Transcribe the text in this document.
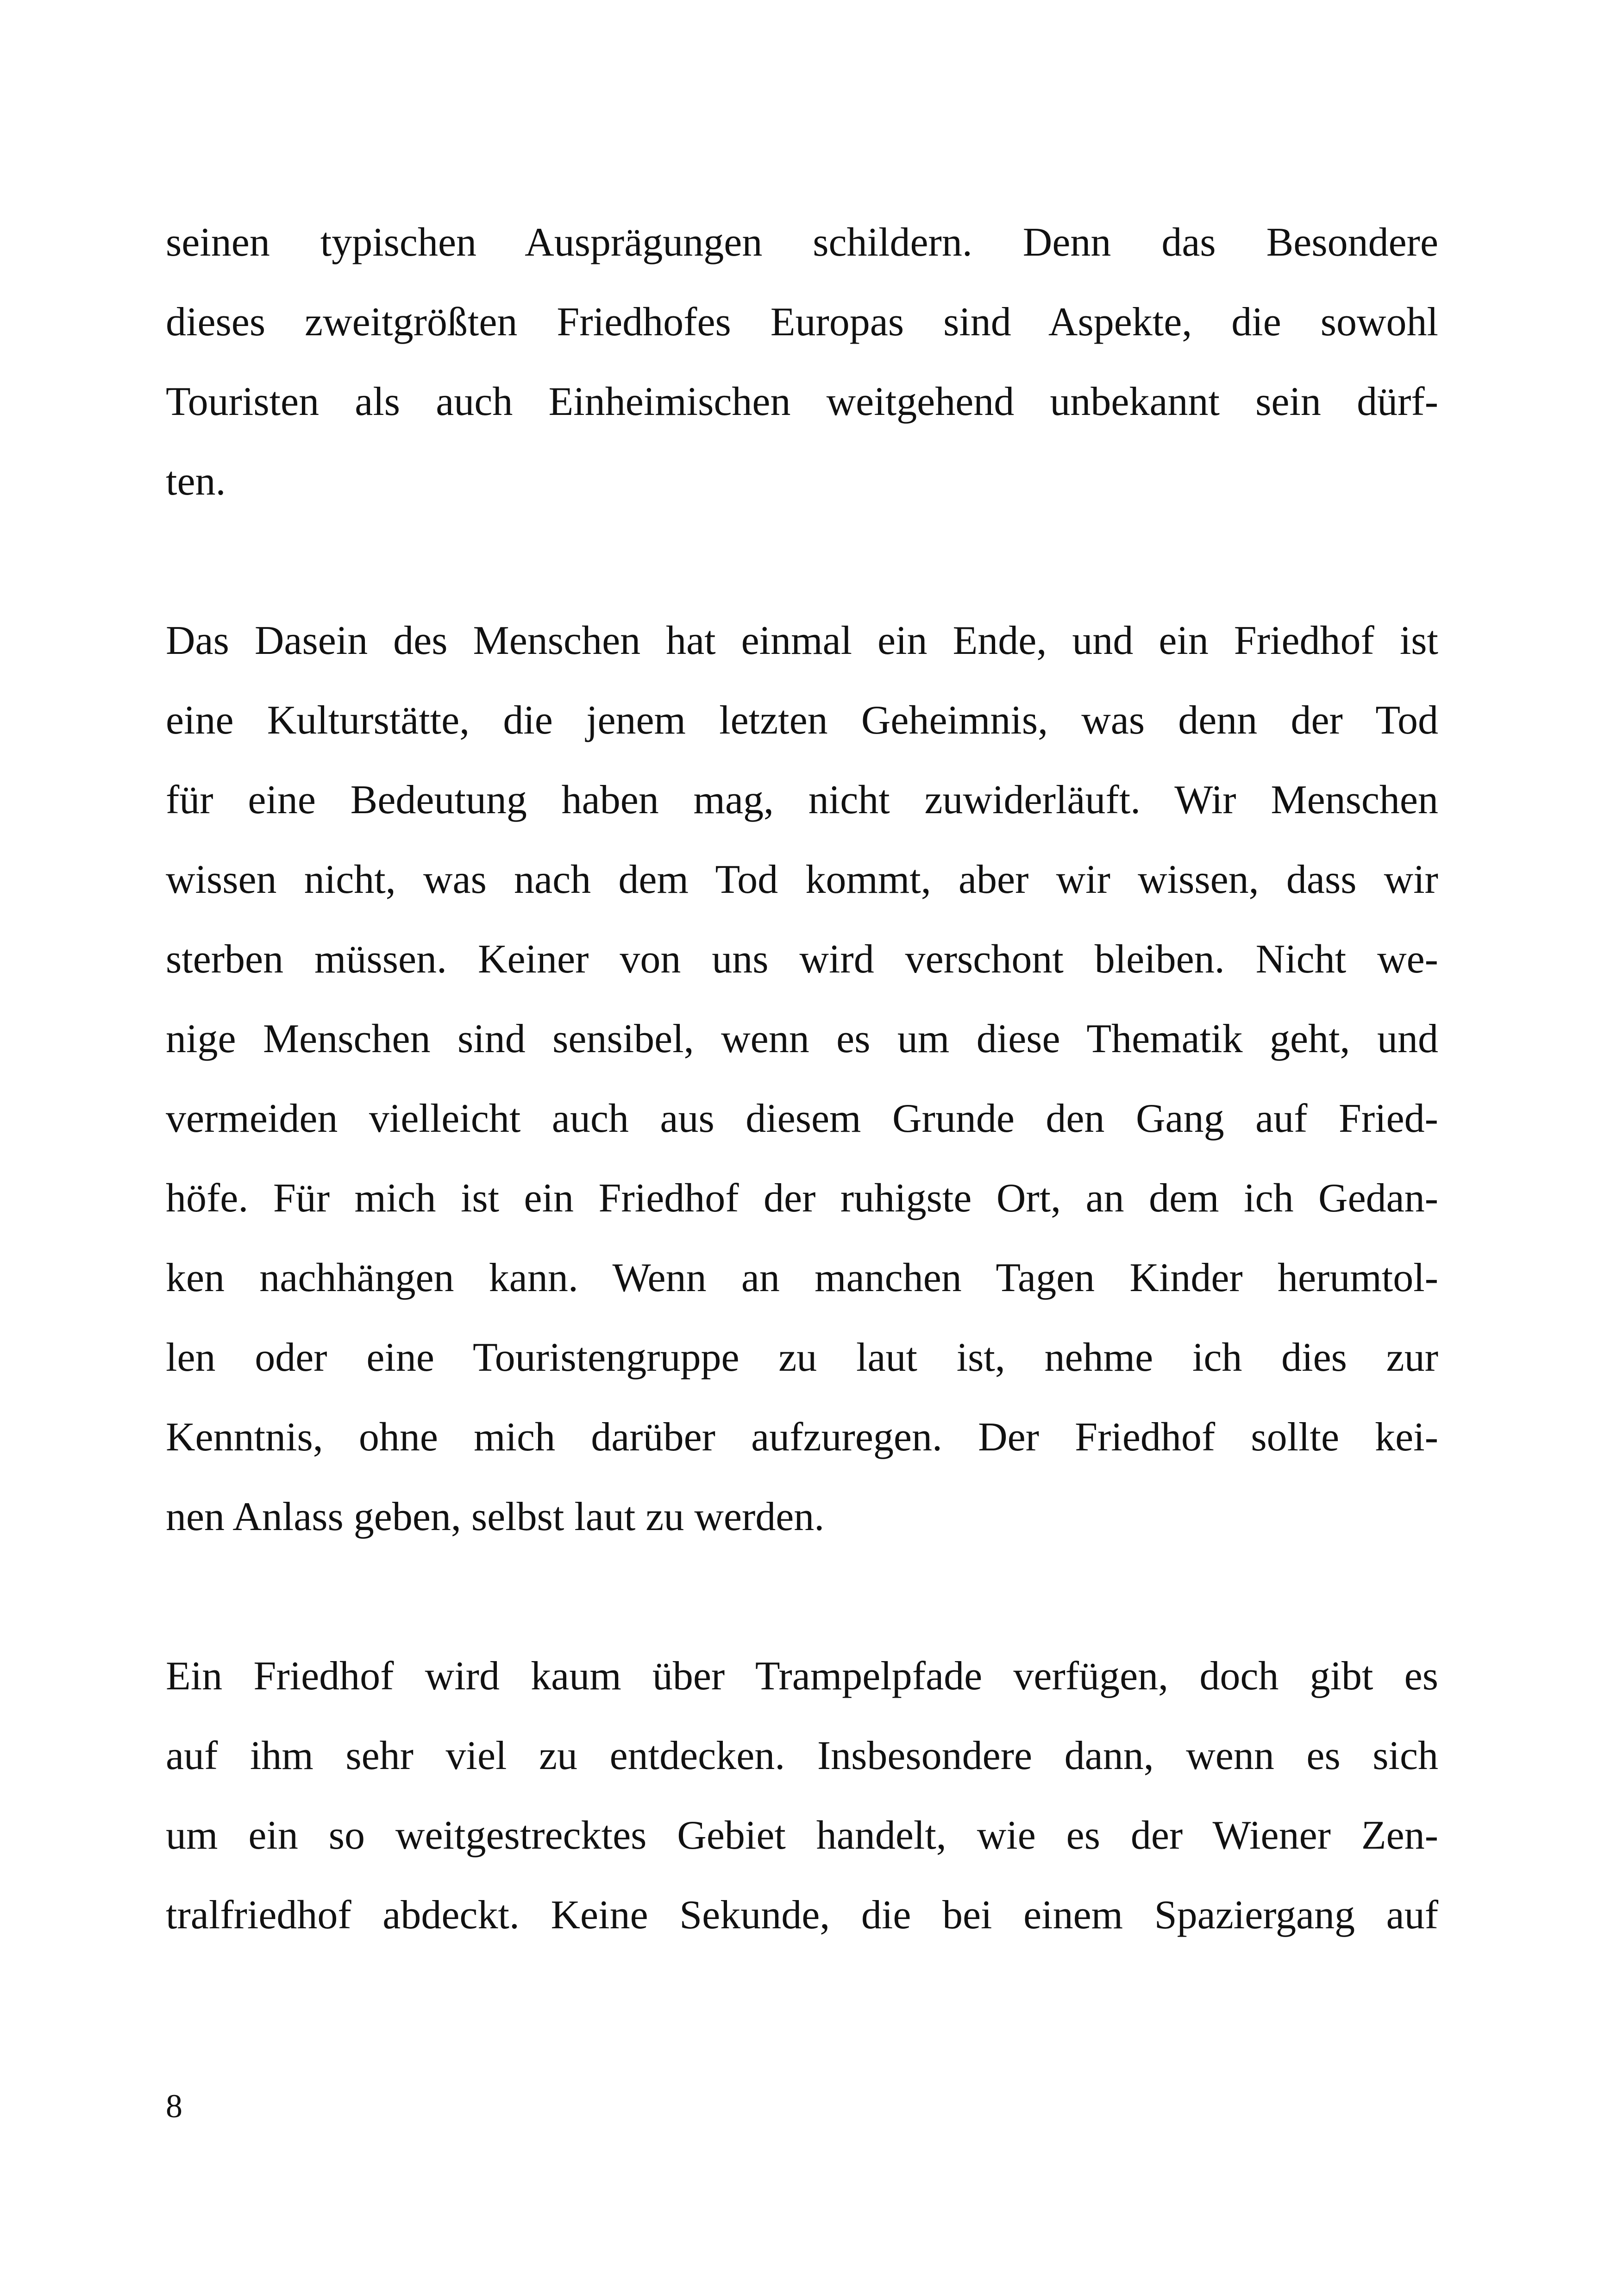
seinen typischen Ausprägungen schildern. Denn das Besondere
dieses zweitgrößten Friedhofes Europas sind Aspekte, die sowohl
Touristen als auch Einheimischen weitgehend unbekannt sein dürf-
ten.
Das Dasein des Menschen hat einmal ein Ende, und ein Friedhof ist
eine Kulturstätte, die jenem letzten Geheimnis, was denn der Tod
für eine Bedeutung haben mag, nicht zuwiderläuft. Wir Menschen
wissen nicht, was nach dem Tod kommt, aber wir wissen, dass wir
sterben müssen. Keiner von uns wird verschont bleiben. Nicht we-
nige Menschen sind sensibel, wenn es um diese Thematik geht, und
vermeiden vielleicht auch aus diesem Grunde den Gang auf Fried-
höfe. Für mich ist ein Friedhof der ruhigste Ort, an dem ich Gedan-
ken nachhängen kann. Wenn an manchen Tagen Kinder herumtol-
len oder eine Touristengruppe zu laut ist, nehme ich dies zur
Kenntnis, ohne mich darüber aufzuregen. Der Friedhof sollte kei-
nen Anlass geben, selbst laut zu werden.
Ein Friedhof wird kaum über Trampelpfade verfügen, doch gibt es
auf ihm sehr viel zu entdecken. Insbesondere dann, wenn es sich
um ein so weitgestrecktes Gebiet handelt, wie es der Wiener Zen-
tralfriedhof abdeckt. Keine Sekunde, die bei einem Spaziergang auf
8
